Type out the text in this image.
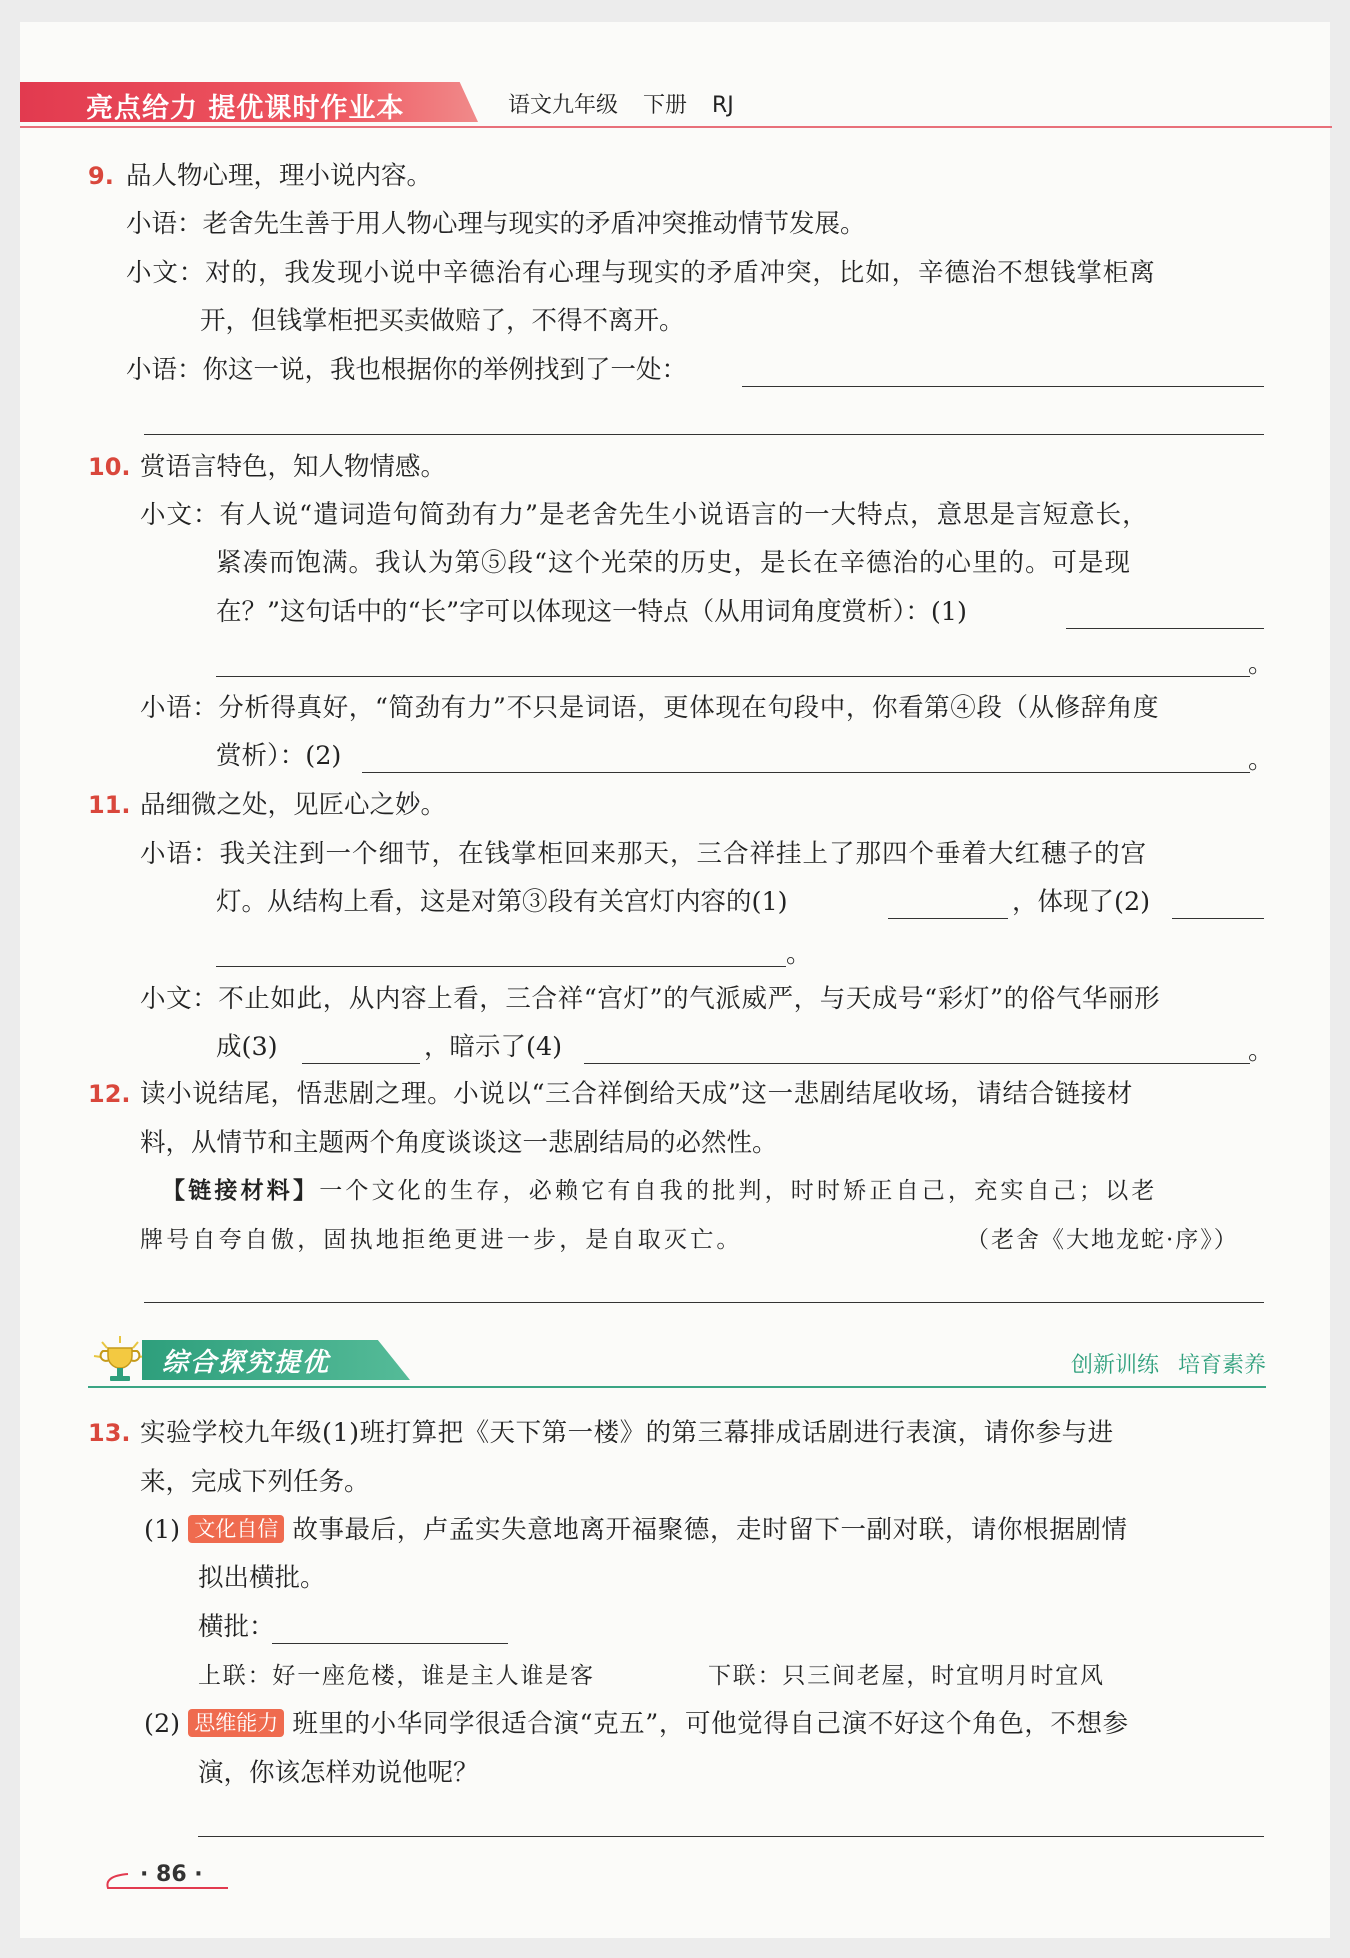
亮点给力 提优课时作业本	语文九年级 下册 RJ
9. 品人物心理，理小说内容。
小语：老舍先生善于用人物心理与现实的矛盾冲突推动情节发展。
小文：对的，我发现小说中辛德治有心理与现实的矛盾冲突，比如，辛德治不想钱掌柜离
开，但钱掌柜把买卖做赔了，不得不离开。
小语：你这一说，我也根据你的举例找到了一处：
10. 赏语言特色，知人物情感。
小文：有人说“遣词造句简劲有力”是老舍先生小说语言的一大特点，意思是言短意长，
紧凑而饱满。我认为第⑤段“这个光荣的历史，是长在辛德治的心里的。可是现
在？”这句话中的“长”字可以体现这一特点（从用词角度赏析）：(1)
。
小语：分析得真好，“简劲有力”不只是词语，更体现在句段中，你看第④段（从修辞角度
赏析）：(2)	。
11. 品细微之处，见匠心之妙。
小语：我关注到一个细节，在钱掌柜回来那天，三合祥挂上了那四个垂着大红穗子的宫
灯。从结构上看，这是对第③段有关宫灯内容的(1)	，体现了(2)
。
小文：不止如此，从内容上看，三合祥“宫灯”的气派威严，与天成号“彩灯”的俗气华丽形
成(3)	，暗示了(4)	。
12. 读小说结尾，悟悲剧之理。小说以“三合祥倒给天成”这一悲剧结尾收场，请结合链接材
料，从情节和主题两个角度谈谈这一悲剧结局的必然性。
【链接材料】一个文化的生存，必赖它有自我的批判，时时矫正自己，充实自己；以老
牌号自夸自傲，固执地拒绝更进一步，是自取灭亡。	（老舍《大地龙蛇·序》）
综合探究提优	创新训练 培育素养
13. 实验学校九年级(1)班打算把《天下第一楼》的第三幕排成话剧进行表演，请你参与进
来，完成下列任务。
(1) 文化自信 故事最后，卢孟实失意地离开福聚德，走时留下一副对联，请你根据剧情
拟出横批。
横批：
上联：好一座危楼，谁是主人谁是客	下联：只三间老屋，时宜明月时宜风
(2) 思维能力 班里的小华同学很适合演“克五”，可他觉得自己演不好这个角色，不想参
演，你该怎样劝说他呢？
· 86 ·
